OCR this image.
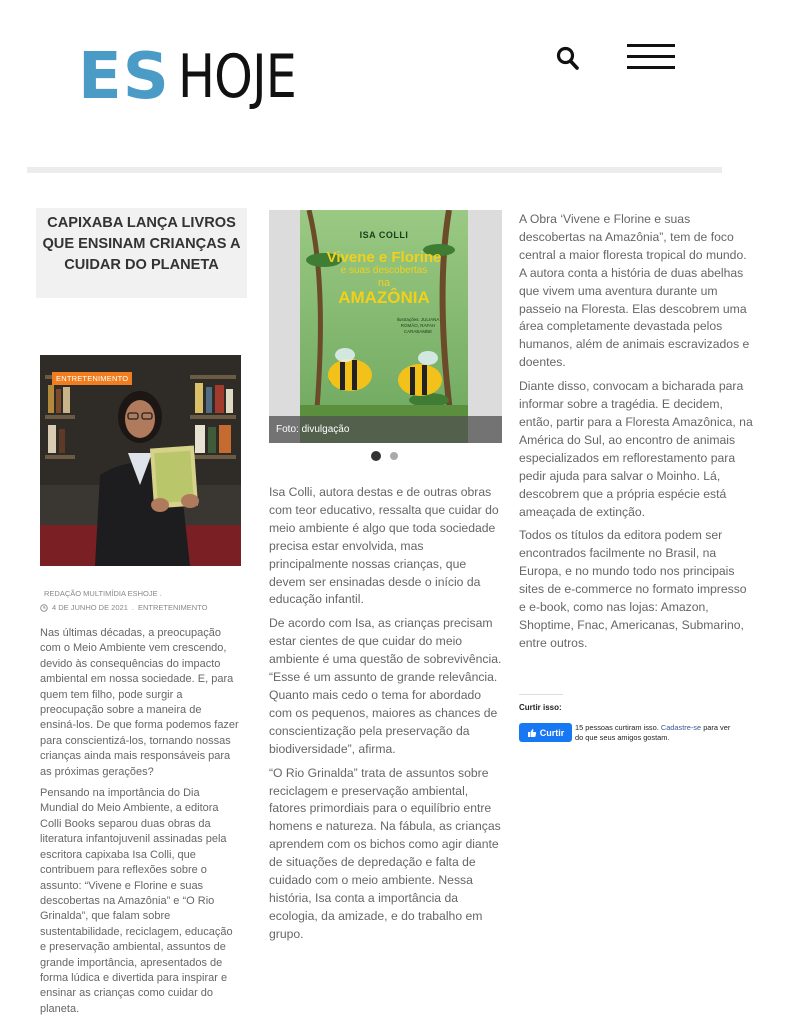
ES HOJE
CAPIXABA LANÇA LIVROS QUE ENSINAM CRIANÇAS A CUIDAR DO PLANETA
ENTRETENIMENTO
REDAÇÃO MULTIMÍDIA ESHOJE .
4 DE JUNHO DE 2021 . ENTRETENIMENTO

Nas últimas décadas, a preocupação com o Meio Ambiente vem crescendo, devido às consequências do impacto ambiental em nossa sociedade. E, para quem tem filho, pode surgir a preocupação sobre a maneira de ensiná-los. De que forma podemos fazer para conscientizá-los, tornando nossas crianças ainda mais responsáveis para as próximas gerações?

Pensando na importância do Dia Mundial do Meio Ambiente, a editora Colli Books separou duas obras da literatura infantojuvenil assinadas pela escritora capixaba Isa Colli, que contribuem para reflexões sobre o assunto: “Vivene e Florine e suas descobertas na Amazônia” e “O Rio Grinalda”, que falam sobre sustentabilidade, reciclagem, educação e preservação ambiental, assuntos de grande importância, apresentados de forma lúdica e divertida para inspirar e ensinar as crianças como cuidar do planeta.

ISA COLLI
Vivene e Florine
e suas descobertas
na
AMAZÔNIA
Ilustrações: JULIANA ROMÃO, RAFAH CARABAMBE
Foto: divulgação

Isa Colli, autora destas e de outras obras com teor educativo, ressalta que cuidar do meio ambiente é algo que toda sociedade precisa estar envolvida, mas principalmente nossas crianças, que devem ser ensinadas desde o início da educação infantil.

De acordo com Isa, as crianças precisam estar cientes de que cuidar do meio ambiente é uma questão de sobrevivência. “Esse é um assunto de grande relevância. Quanto mais cedo o tema for abordado com os pequenos, maiores as chances de conscientização pela preservação da biodiversidade”, afirma.

“O Rio Grinalda” trata de assuntos sobre reciclagem e preservação ambiental, fatores primordiais para o equilíbrio entre homens e natureza. Na fábula, as crianças aprendem com os bichos como agir diante de situações de depredação e falta de cuidado com o meio ambiente. Nessa história, Isa conta a importância da ecologia, da amizade, e do trabalho em grupo.

A Obra ‘Vivene e Florine e suas descobertas na Amazônia”, tem de foco central a maior floresta tropical do mundo. A autora conta a história de duas abelhas que vivem uma aventura durante um passeio na Floresta. Elas descobrem uma área completamente devastada pelos humanos, além de animais escravizados e doentes.

Diante disso, convocam a bicharada para informar sobre a tragédia. E decidem, então, partir para a Floresta Amazônica, na América do Sul, ao encontro de animais especializados em reflorestamento para pedir ajuda para salvar o Moinho. Lá, descobrem que a própria espécie está ameaçada de extinção.

Todos os títulos da editora podem ser encontrados facilmente no Brasil, na Europa, e no mundo todo nos principais sites de e-commerce no formato impresso e e-book, como nas lojas: Amazon, Shoptime, Fnac, Americanas, Submarino, entre outros.

Curtir isso:
Curtir 15 pessoas curtiram isso. Cadastre-se para ver do que seus amigos gostam.
